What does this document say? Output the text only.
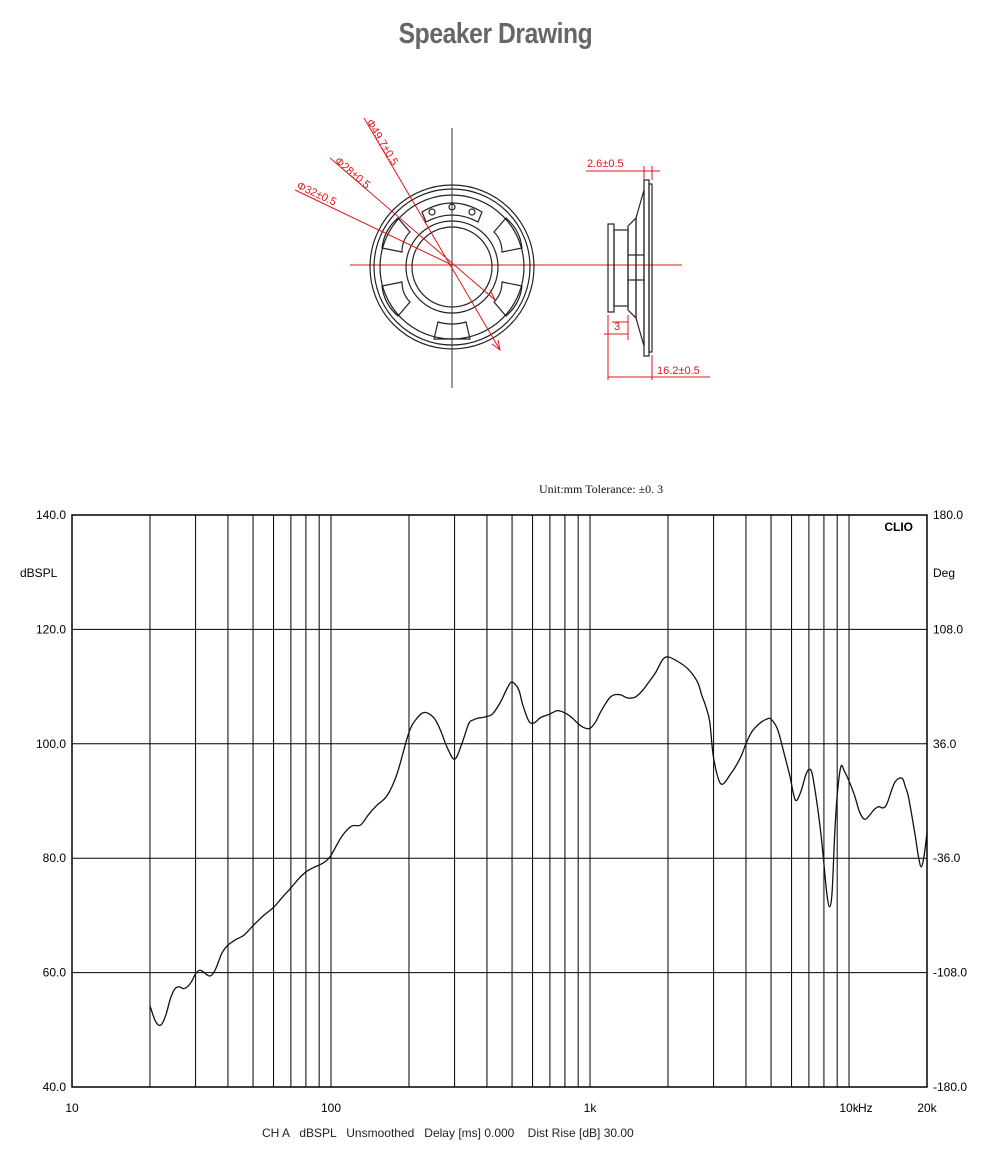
Speaker Drawing
Φ49.7±0.5
Φ28±0.5
Φ32±0.5
2.6±0.5
3
16.2±0.5
Unit:mm Tolerance: ±0. 3
140.0
120.0
100.0
80.0
60.0
40.0
180.0
108.0
36.0
-36.0
-108.0
-180.0
10	100	1k	10k	20k
CLIO
dBSPL	Deg
Hz
CH A   dBSPL   Unsmoothed   Delay [ms] 0.000    Dist Rise [dB] 30.00
